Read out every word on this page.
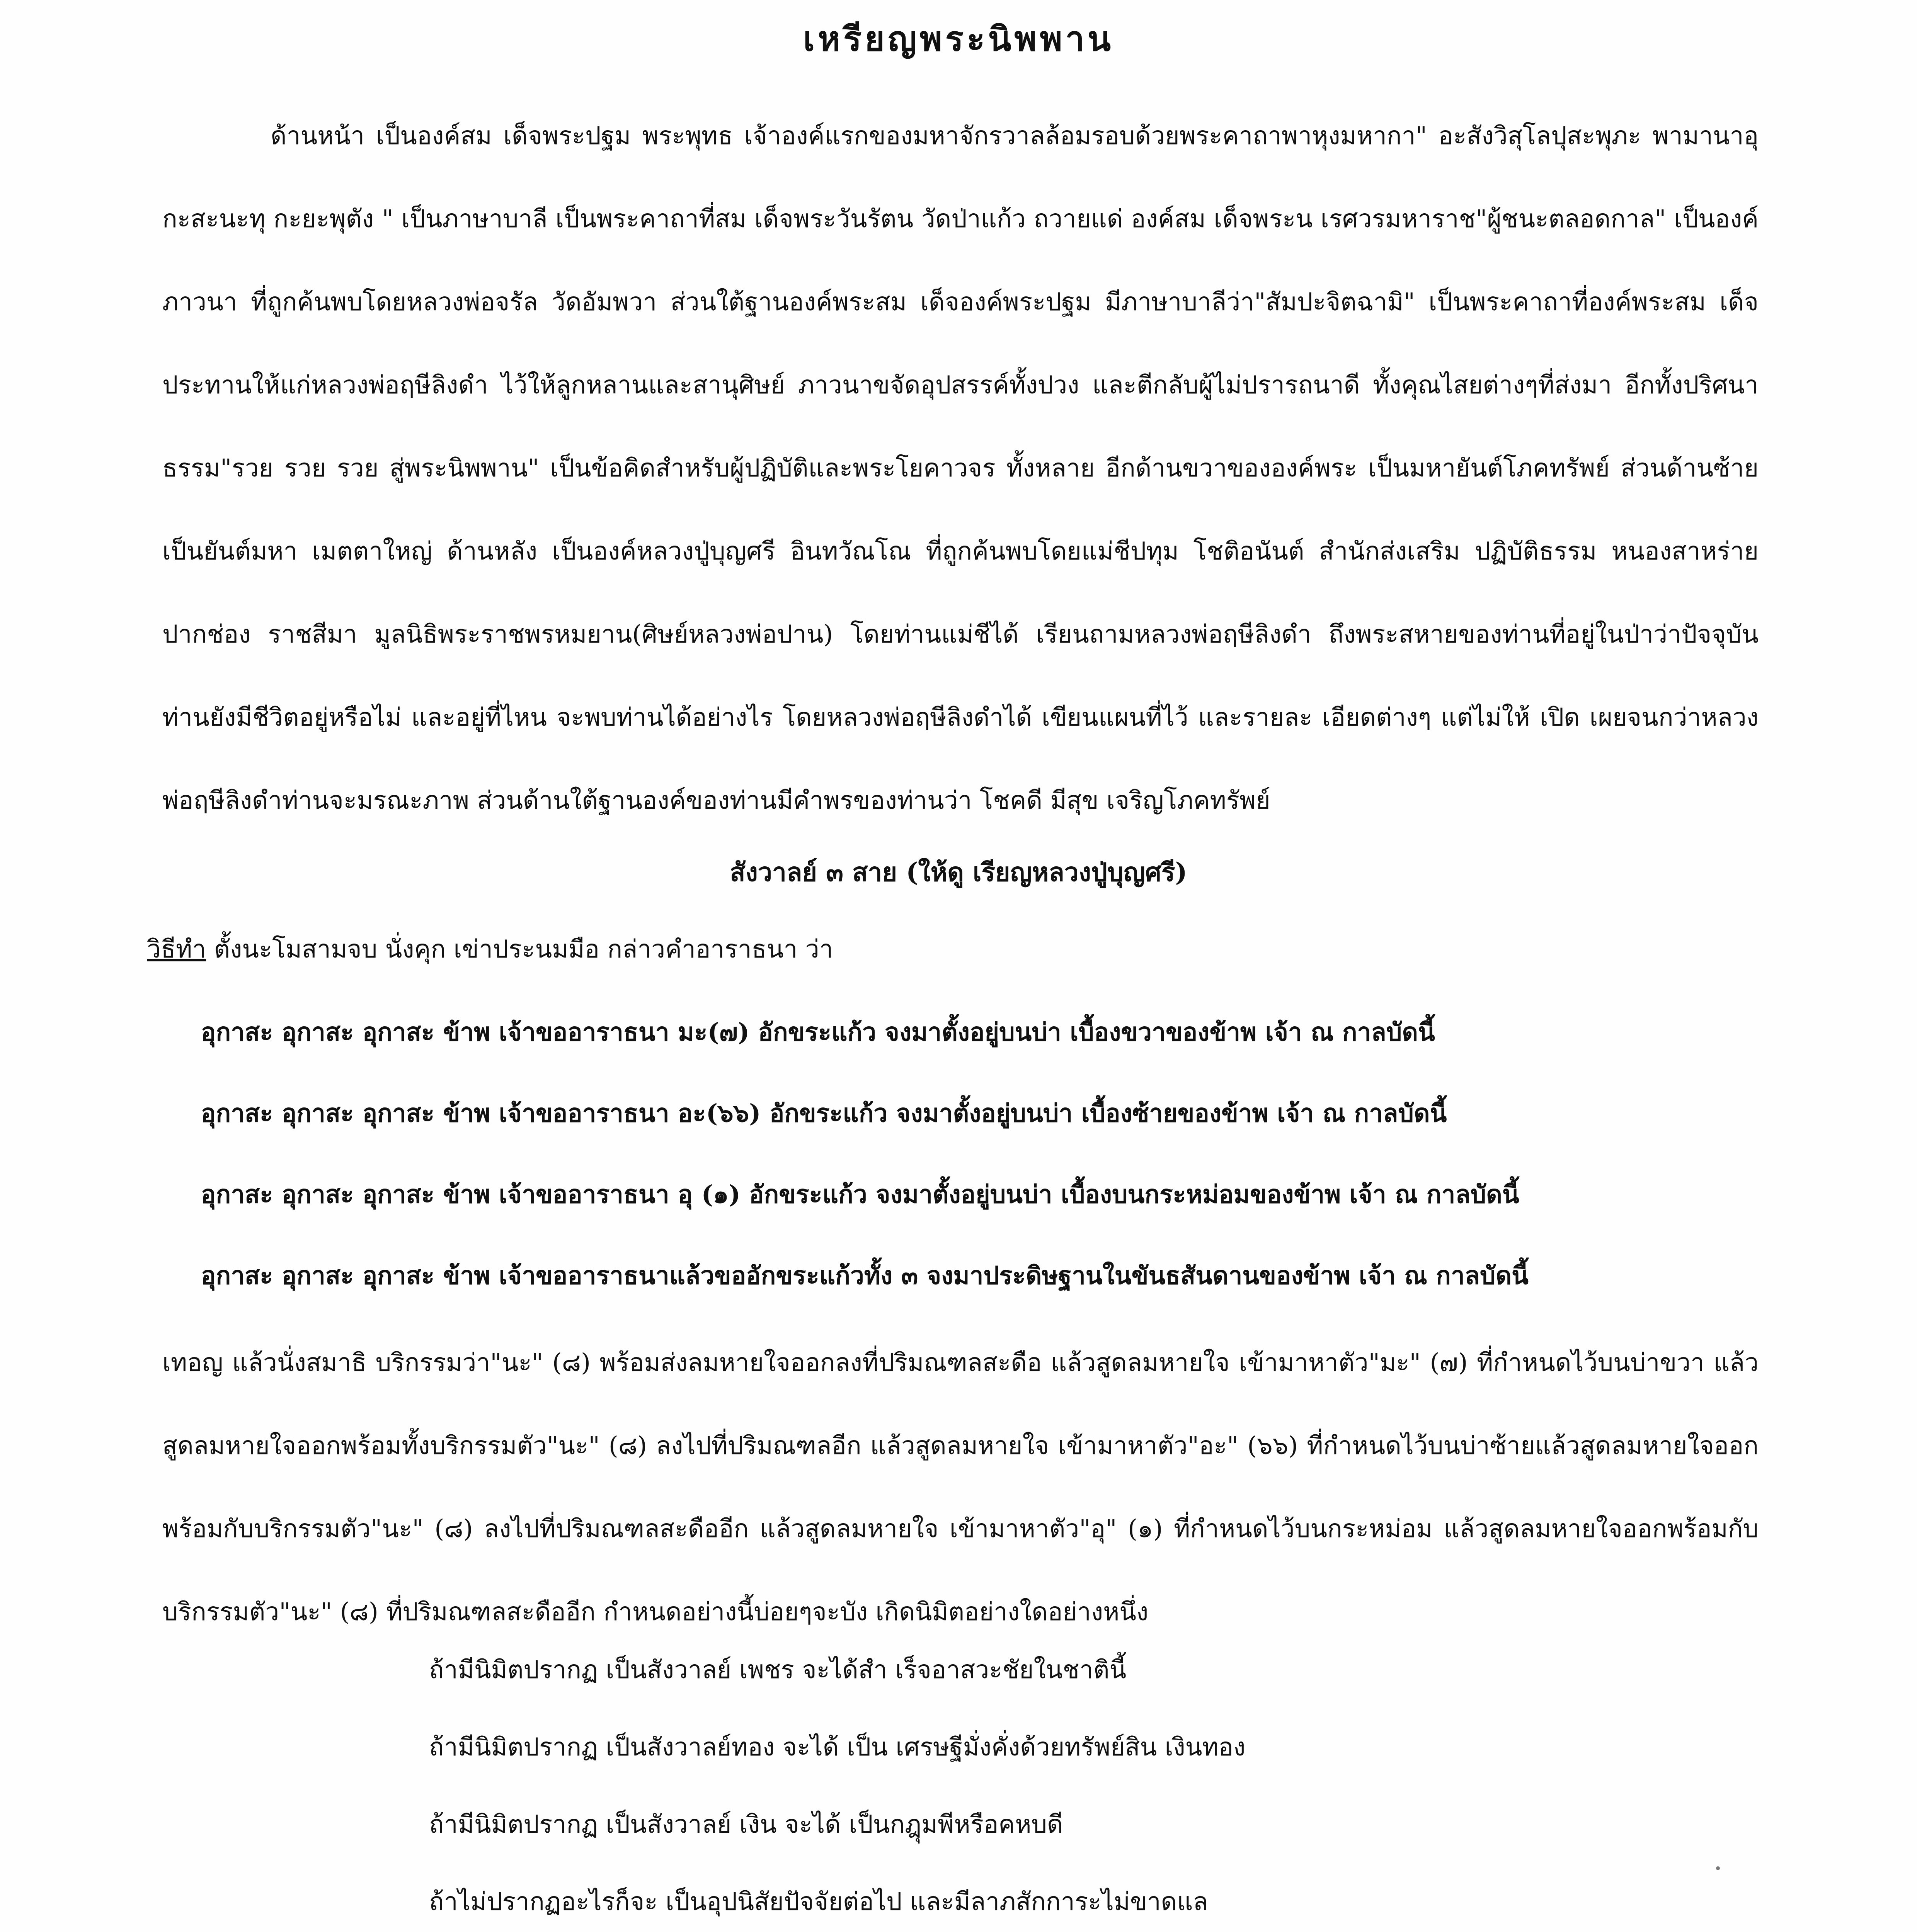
เหรียญพระนิพพาน

ด้านหน้า เป็นองค์สม เด็จพระปฐม พระพุทธ เจ้าองค์แรกของมหาจักรวาลล้อมรอบด้วยพระคาถาพาหุงมหากา" อะสังวิสุโลปุสะพุภะ พามานาอุกะสะนะทุ กะยะพุตัง " เป็นภาษาบาลี เป็นพระคาถาที่สม เด็จพระวันรัตน วัดป่าแก้ว ถวายแด่ องค์สม เด็จพระน เรศวรมหาราช"ผู้ชนะตลอดกาล" เป็นองค์ภาวนา ที่ถูกค้นพบโดยหลวงพ่อจรัล วัดอัมพวา ส่วนใต้ฐานองค์พระสม เด็จองค์พระปฐม มีภาษาบาลีว่า"สัมปะจิตฉามิ" เป็นพระคาถาที่องค์พระสม เด็จประทานให้แก่หลวงพ่อฤษีลิงดำ ไว้ให้ลูกหลานและสานุศิษย์ ภาวนาขจัดอุปสรรค์ทั้งปวง และตีกลับผู้ไม่ปรารถนาดี ทั้งคุณไสยต่างๆที่ส่งมา อีกทั้งปริศนาธรรม"รวย รวย รวย สู่พระนิพพาน" เป็นข้อคิดสำหรับผู้ปฏิบัติและพระโยคาวจร ทั้งหลาย อีกด้านขวาขององค์พระ เป็นมหายันต์โภคทรัพย์ ส่วนด้านซ้าย เป็นยันต์มหา เมตตาใหญ่ ด้านหลัง เป็นองค์หลวงปู่บุญศรี อินทวัณโณ ที่ถูกค้นพบโดยแม่ชีปทุม โชติอนันต์ สำนักส่งเสริม ปฏิบัติธรรม หนองสาหร่าย ปากช่อง ราชสีมา มูลนิธิพระราชพรหมยาน(ศิษย์หลวงพ่อปาน) โดยท่านแม่ชีได้ เรียนถามหลวงพ่อฤษีลิงดำ ถึงพระสหายของท่านที่อยู่ในป่าว่าปัจจุบันท่านยังมีชีวิตอยู่หรือไม่ และอยู่ที่ไหน จะพบท่านได้อย่างไร โดยหลวงพ่อฤษีลิงดำได้ เขียนแผนที่ไว้ และรายละ เอียดต่างๆ แต่ไม่ให้ เปิด เผยจนกว่าหลวงพ่อฤษีลิงดำท่านจะมรณะภาพ ส่วนด้านใต้ฐานองค์ของท่านมีคำพรของท่านว่า โชคดี มีสุข เจริญโภคทรัพย์

สังวาลย์ ๓ สาย (ให้ดู เรียญหลวงปู่บุญศรี)
วิธีทำ ตั้งนะโมสามจบ นั่งคุก เข่าประนมมือ กล่าวคำอาราธนา ว่า
อุกาสะ อุกาสะ อุกาสะ ข้าพ เจ้าขออาราธนา มะ(๗) อักขระแก้ว จงมาตั้งอยู่บนบ่า เบื้องขวาของข้าพ เจ้า ณ กาลบัดนี้
อุกาสะ อุกาสะ อุกาสะ ข้าพ เจ้าขออาราธนา อะ(๖๖) อักขระแก้ว จงมาตั้งอยู่บนบ่า เบื้องซ้ายของข้าพ เจ้า ณ กาลบัดนี้
อุกาสะ อุกาสะ อุกาสะ ข้าพ เจ้าขออาราธนา อุ (๑) อักขระแก้ว จงมาตั้งอยู่บนบ่า เบื้องบนกระหม่อมของข้าพ เจ้า ณ กาลบัดนี้
อุกาสะ อุกาสะ อุกาสะ ข้าพ เจ้าขออาราธนาแล้วขออักขระแก้วทั้ง ๓ จงมาประดิษฐานในขันธสันดานของข้าพ เจ้า ณ กาลบัดนี้

เทอญ แล้วนั่งสมาธิ บริกรรมว่า"นะ" (๘) พร้อมส่งลมหายใจออกลงที่ปริมณฑลสะดือ แล้วสูดลมหายใจ เข้ามาหาตัว"มะ" (๗) ที่กำหนดไว้บนบ่าขวา แล้วสูดลมหายใจออกพร้อมทั้งบริกรรมตัว"นะ" (๘) ลงไปที่ปริมณฑลอีก แล้วสูดลมหายใจ เข้ามาหาตัว"อะ" (๖๖) ที่กำหนดไว้บนบ่าซ้ายแล้วสูดลมหายใจออกพร้อมกับบริกรรมตัว"นะ" (๘) ลงไปที่ปริมณฑลสะดืออีก แล้วสูดลมหายใจ เข้ามาหาตัว"อุ" (๑) ที่กำหนดไว้บนกระหม่อม แล้วสูดลมหายใจออกพร้อมกับบริกรรมตัว"นะ" (๘) ที่ปริมณฑลสะดืออีก กำหนดอย่างนี้บ่อยๆจะบัง เกิดนิมิตอย่างใดอย่างหนึ่ง

ถ้ามีนิมิตปรากฏ เป็นสังวาลย์ เพชร จะได้สำ เร็จอาสวะชัยในชาตินี้
ถ้ามีนิมิตปรากฏ เป็นสังวาลย์ทอง จะได้ เป็น เศรษฐีมั่งคั่งด้วยทรัพย์สิน เงินทอง
ถ้ามีนิมิตปรากฏ เป็นสังวาลย์ เงิน จะได้ เป็นกฎุมพีหรือคหบดี
ถ้าไม่ปรากฏอะไรก็จะ เป็นอุปนิสัยปัจจัยต่อไป และมีลาภสักการะไม่ขาดแล
